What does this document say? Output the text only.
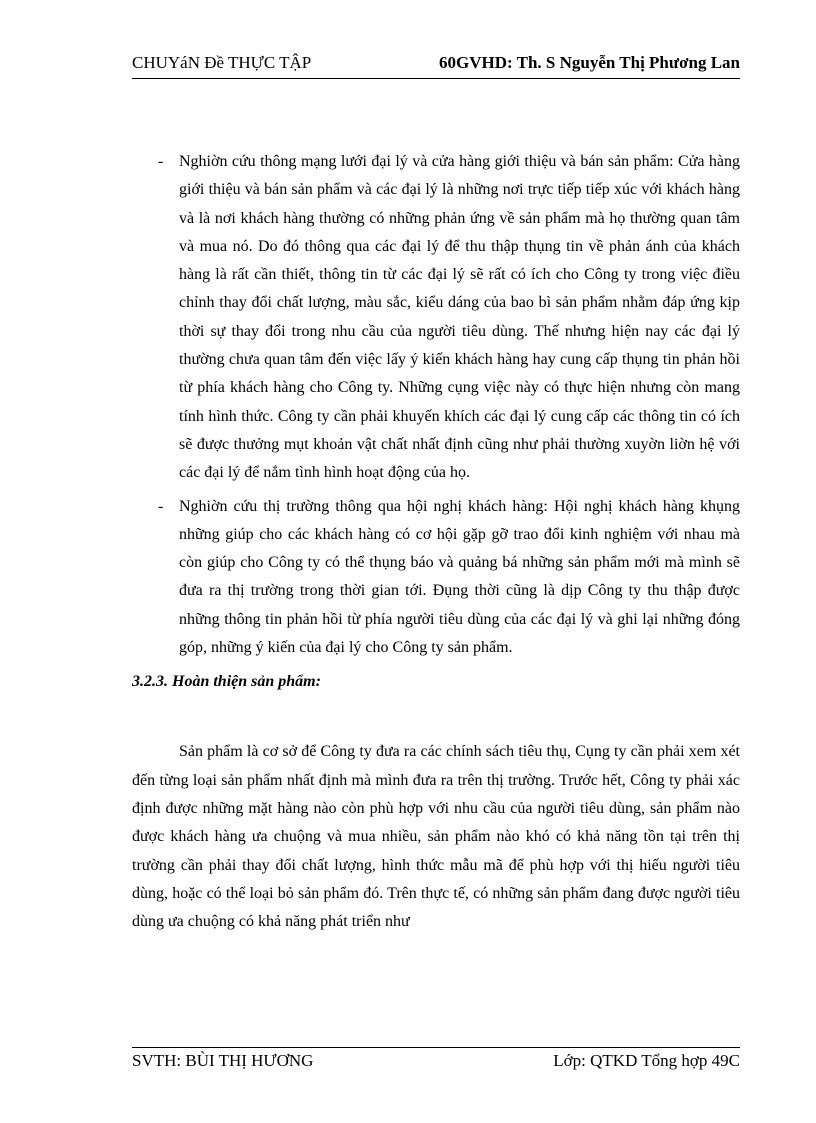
CHUYáN Đề THỰC TẬP	60GVHD: Th. S Nguyễn Thị Phương Lan
- Nghiờn cứu thông mạng lưới đại lý và cửa hàng giới thiệu và bán sản phẩm: Cửa hàng giới thiệu và bán sản phẩm và các đại lý là những nơi trực tiếp tiếp xúc với khách hàng và là nơi khách hàng thường có những phản ứng về sản phẩm mà họ thường quan tâm và mua nó. Do đó thông qua các đại lý để thu thập thụng tin về phản ánh của khách hàng là rất cần thiết, thông tin từ các đại lý sẽ rất có ích cho Công ty trong việc điều chỉnh thay đổi chất lượng, màu sắc, kiểu dáng của bao bì sản phẩm nhằm đáp ứng kịp thời sự thay đổi trong nhu cầu của người tiêu dùng. Thế nhưng hiện nay các đại lý thường chưa quan tâm đến việc lấy ý kiến khách hàng hay cung cấp thụng tin phản hồi từ phía khách hàng cho Công ty. Những cụng việc này có thực hiện nhưng còn mang tính hình thức. Công ty cần phải khuyến khích các đại lý cung cấp các thông tin có ích sẽ được thưởng mụt khoản vật chất nhất định cũng như phải thường xuyờn liờn hệ với các đại lý để nắm tình hình hoạt động của họ.
- Nghiờn cứu thị trường thông qua hội nghị khách hàng: Hội nghị khách hàng khụng những giúp cho các khách hàng có cơ hội gặp gỡ trao đổi kinh nghiệm với nhau mà còn giúp cho Công ty có thể thụng báo và quảng bá những sản phẩm mới mà mình sẽ đưa ra thị trường trong thời gian tới. Đụng thời cũng là dịp Công ty thu thập được những thông tin phản hồi từ phía người tiêu dùng của các đại lý và ghi lại những đóng góp, những ý kiến của đại lý cho Công ty sản phẩm.
3.2.3. Hoàn thiện sản phẩm:
Sản phẩm là cơ sở để Công ty đưa ra các chính sách tiêu thụ, Cụng ty cần phải xem xét đến từng loại sản phẩm nhất định mà mình đưa ra trên thị trường. Trước hết, Công ty phải xác định được những mặt hàng nào còn phù hợp với nhu cầu của người tiêu dùng, sản phẩm nào được khách hàng ưa chuộng và mua nhiều, sản phẩm nào khó có khả năng tồn tại trên thị trường cần phải thay đổi chất lượng, hình thức mẫu mã để phù hợp với thị hiếu người tiêu dùng, hoặc có thể loại bỏ sản phẩm đó. Trên thực tế, có những sản phẩm đang được người tiêu dùng ưa chuộng có khả năng phát triển như
SVTH: BÙI THỊ HƯƠNG	Lớp: QTKD Tổng hợp 49C
